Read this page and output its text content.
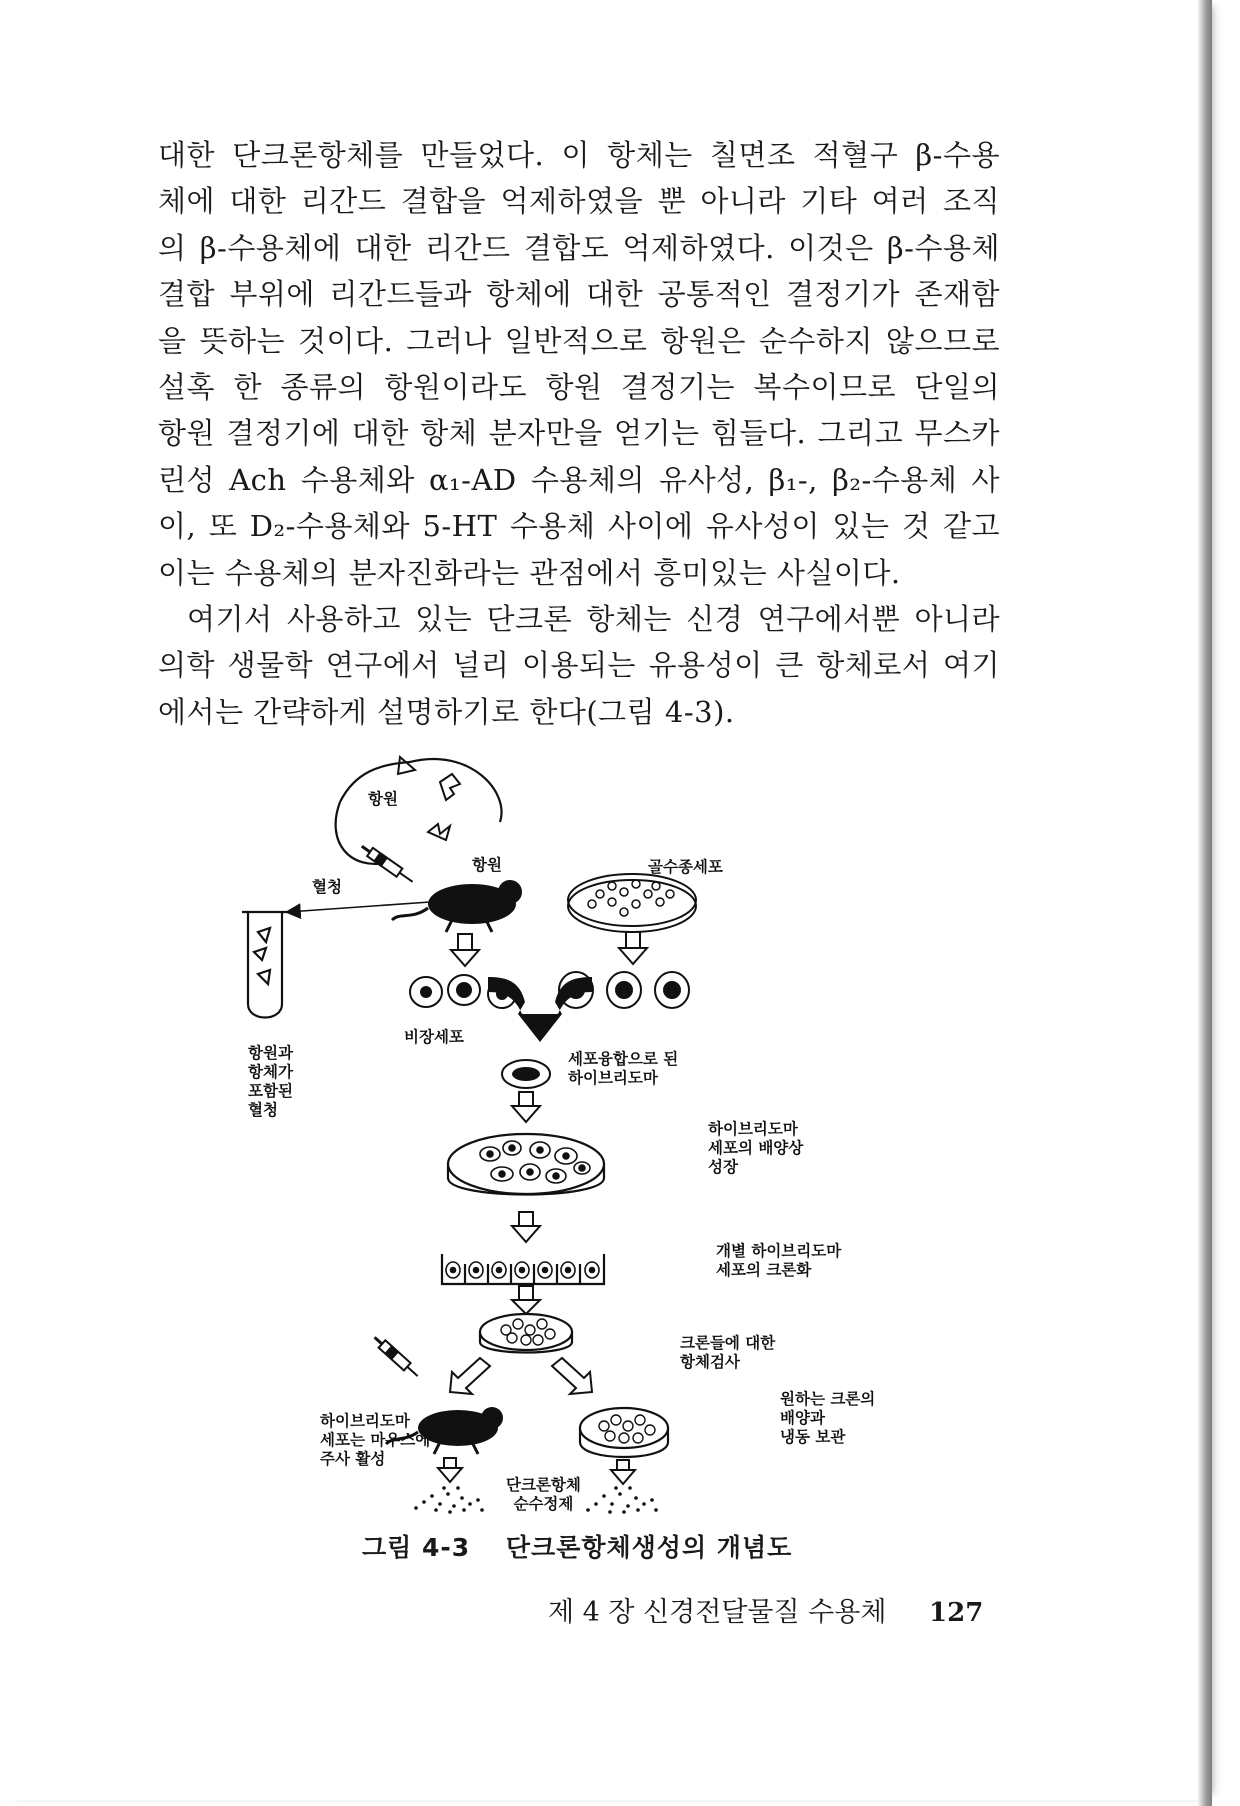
대한 단크론항체를 만들었다. 이 항체는 칠면조 적혈구 β-수용
체에 대한 리간드 결합을 억제하였을 뿐 아니라 기타 여러 조직
의 β-수용체에 대한 리간드 결합도 억제하였다. 이것은 β-수용체
결합 부위에 리간드들과 항체에 대한 공통적인 결정기가 존재함
을 뜻하는 것이다. 그러나 일반적으로 항원은 순수하지 않으므로
설혹 한 종류의 항원이라도 항원 결정기는 복수이므로 단일의
항원 결정기에 대한 항체 분자만을 얻기는 힘들다. 그리고 무스카
린성 Ach 수용체와 α₁-AD 수용체의 유사성, β₁-, β₂-수용체 사
이, 또 D₂-수용체와 5-HT 수용체 사이에 유사성이 있는 것 같고
이는 수용체의 분자진화라는 관점에서 흥미있는 사실이다.
여기서 사용하고 있는 단크론 항체는 신경 연구에서뿐 아니라
의학 생물학 연구에서 널리 이용되는 유용성이 큰 항체로서 여기
에서는 간략하게 설명하기로 한다(그림 4-3).
항원
항원
혈청
항원과
항체가
포함된
혈청
골수종세포
비장세포
세포융합으로 된
하이브리도마
하이브리도마
세포의 배양상
성장
개별 하이브리도마
세포의 크론화
크론들에 대한
항체검사
하이브리도마
세포는 마우스에
주사 활성
원하는 크론의
배양과
냉동 보관
단크론항체
순수정제
그림 4-3 단크론항체생성의 개념도
제 4 장 신경전달물질 수용체 127
